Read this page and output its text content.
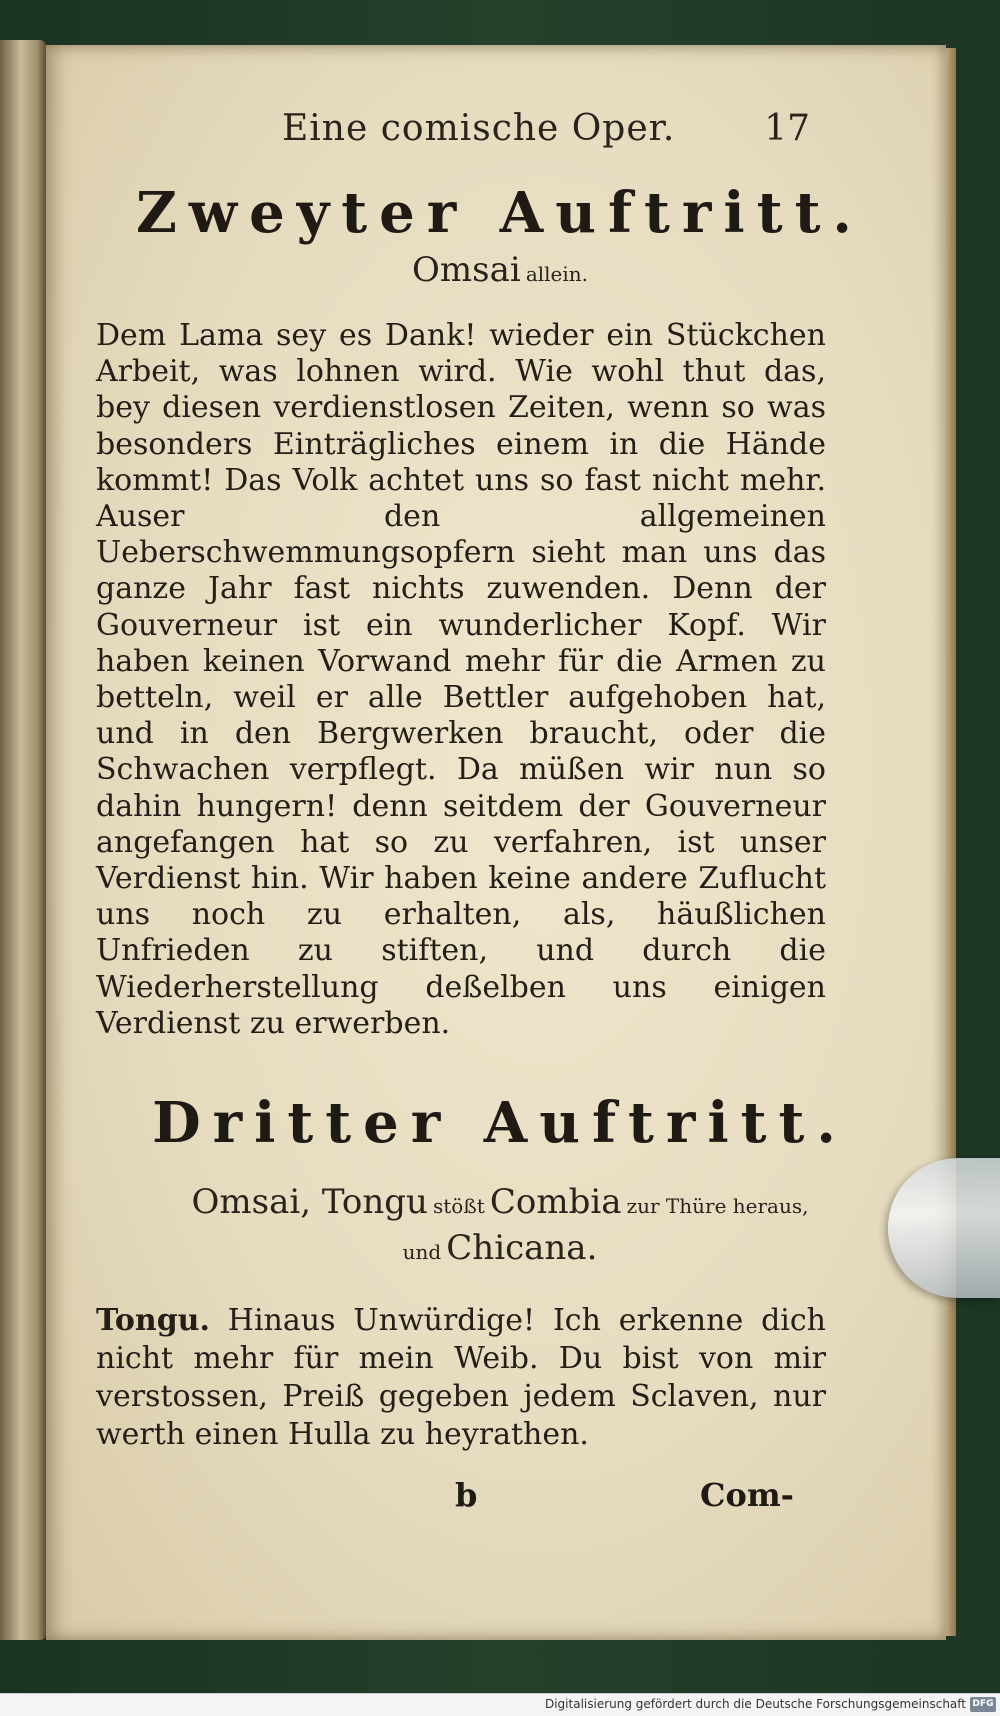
Eine comische Oper. 17
Zweyter Auftritt.
Omsai allein.

Dem Lama sey es Dank! wieder ein Stückchen Arbeit, was lohnen wird. Wie wohl thut das, bey diesen verdienstlosen Zeiten, wenn so was besonders Einträgliches einem in die Hände kommt! Das Volk achtet uns so fast nicht mehr. Auser den allgemeinen Ueberschwemmungsopfern sieht man uns das ganze Jahr fast nichts zuwenden. Denn der Gouverneur ist ein wunderlicher Kopf. Wir haben keinen Vorwand mehr für die Armen zu betteln, weil er alle Bettler aufgehoben hat, und in den Bergwerken braucht, oder die Schwachen verpflegt. Da müßen wir nun so dahin hungern! denn seitdem der Gouverneur angefangen hat so zu verfahren, ist unser Verdienst hin. Wir haben keine andere Zuflucht uns noch zu erhalten, als, häußlichen Unfrieden zu stiften, und durch die Wiederherstellung deßelben uns einigen Verdienst zu erwerben.

Dritter Auftritt.
Omsai, Tongu stößt Combia zur Thüre heraus,
und Chicana.

Tongu. Hinaus Unwürdige! Ich erkenne dich nicht mehr für mein Weib. Du bist von mir verstossen, Preiß gegeben jedem Sclaven, nur werth einen Hulla zu heyrathen.

b	Com-
Digitalisierung gefördert durch die Deutsche Forschungsgemeinschaft DFG
